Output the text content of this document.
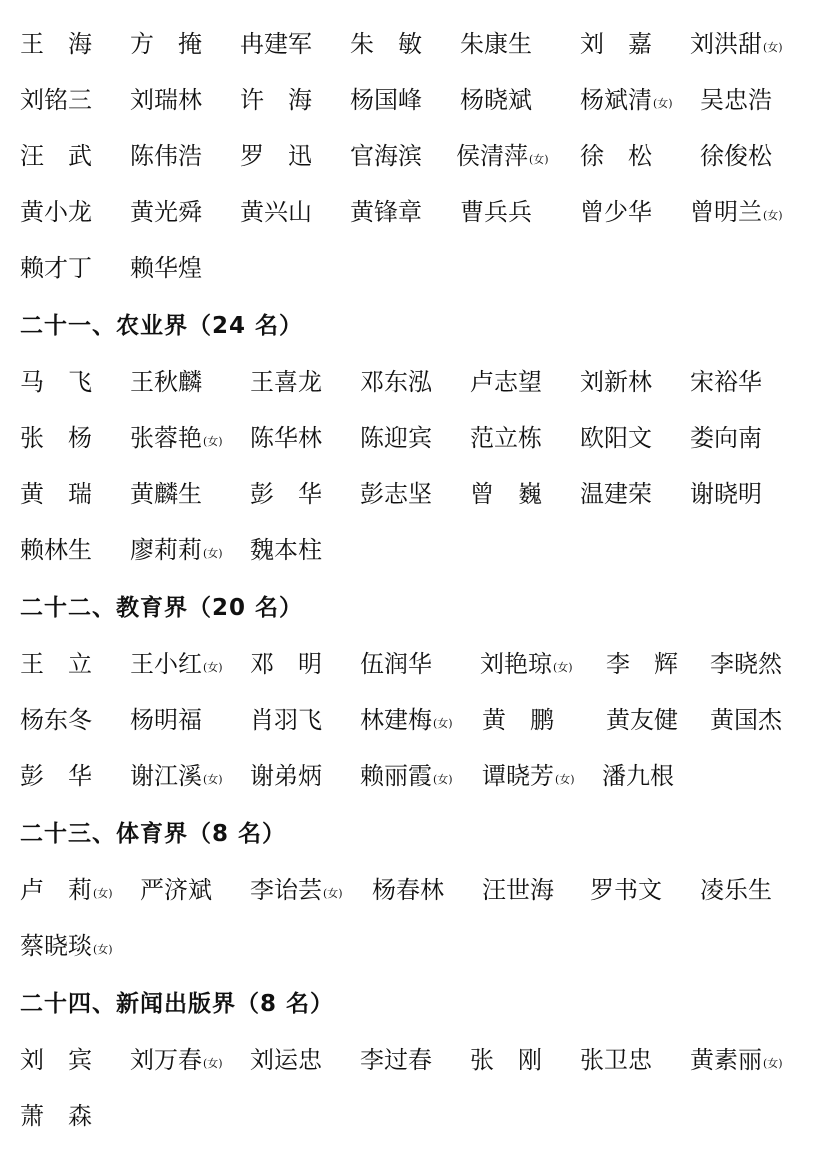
王　海 方　掩 冉建军 朱　敏 朱康生 刘　嘉 刘洪甜(女)
刘铭三 刘瑞林 许　海 杨国峰 杨晓斌 杨斌清(女) 吴忠浩
汪　武 陈伟浩 罗　迅 官海滨 侯清萍(女) 徐　松 徐俊松
黄小龙 黄光舜 黄兴山 黄锋章 曹兵兵 曾少华 曾明兰(女)
赖才丁 赖华煌
二十一、农业界（24 名）
马　飞 王秋麟 王喜龙 邓东泓 卢志望 刘新林 宋裕华
张　杨 张蓉艳(女) 陈华林 陈迎宾 范立栋 欧阳文 娄向南
黄　瑞 黄麟生 彭　华 彭志坚 曾　巍 温建荣 谢晓明
赖林生 廖莉莉(女) 魏本柱
二十二、教育界（20 名）
王　立 王小红(女) 邓　明 伍润华 刘艳琼(女) 李　辉 李晓然
杨东冬 杨明福 肖羽飞 林建梅(女) 黄　鹏 黄友健 黄国杰
彭　华 谢江溪(女) 谢弟炳 赖丽霞(女) 谭晓芳(女) 潘九根
二十三、体育界（8 名）
卢　莉(女) 严济斌 李诒芸(女) 杨春林 汪世海 罗书文 凌乐生
蔡晓琰(女)
二十四、新闻出版界（8 名）
刘　宾 刘万春(女) 刘运忠 李过春 张　刚 张卫忠 黄素丽(女)
萧　森
